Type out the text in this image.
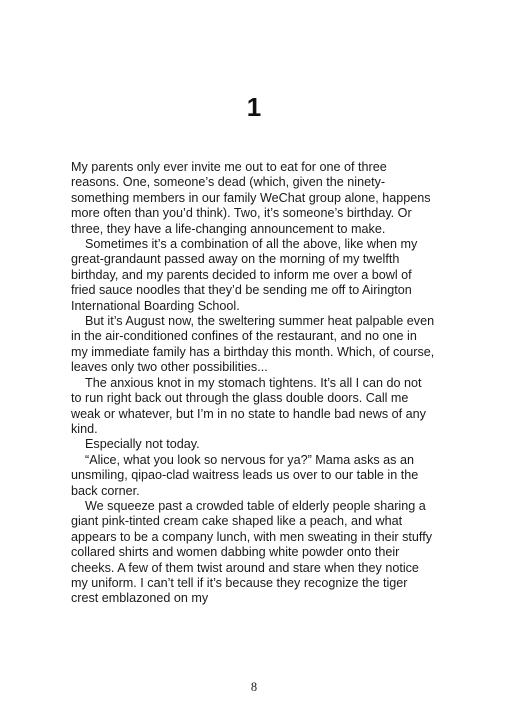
1

My parents only ever invite me out to eat for one of three reasons. One, someone’s dead (which, given the ninety-something members in our family WeChat group alone, happens more often than you’d think). Two, it’s someone’s birthday. Or three, they have a life-changing announcement to make.

Sometimes it’s a combination of all the above, like when my great-grandaunt passed away on the morning of my twelfth birthday, and my parents decided to inform me over a bowl of fried sauce noodles that they’d be sending me off to Airington International Boarding School.

But it’s August now, the sweltering summer heat palpable even in the air-conditioned confines of the restaurant, and no one in my immediate family has a birthday this month. Which, of course, leaves only two other possibilities...

The anxious knot in my stomach tightens. It’s all I can do not to run right back out through the glass double doors. Call me weak or whatever, but I’m in no state to handle bad news of any kind.

Especially not today.

“Alice, what you look so nervous for ya?” Mama asks as an unsmiling, qipao-clad waitress leads us over to our table in the back corner.

We squeeze past a crowded table of elderly people sharing a giant pink-tinted cream cake shaped like a peach, and what appears to be a company lunch, with men sweating in their stuffy collared shirts and women dabbing white powder onto their cheeks. A few of them twist around and stare when they notice my uniform. I can’t tell if it’s because they recognize the tiger crest emblazoned on my

8
